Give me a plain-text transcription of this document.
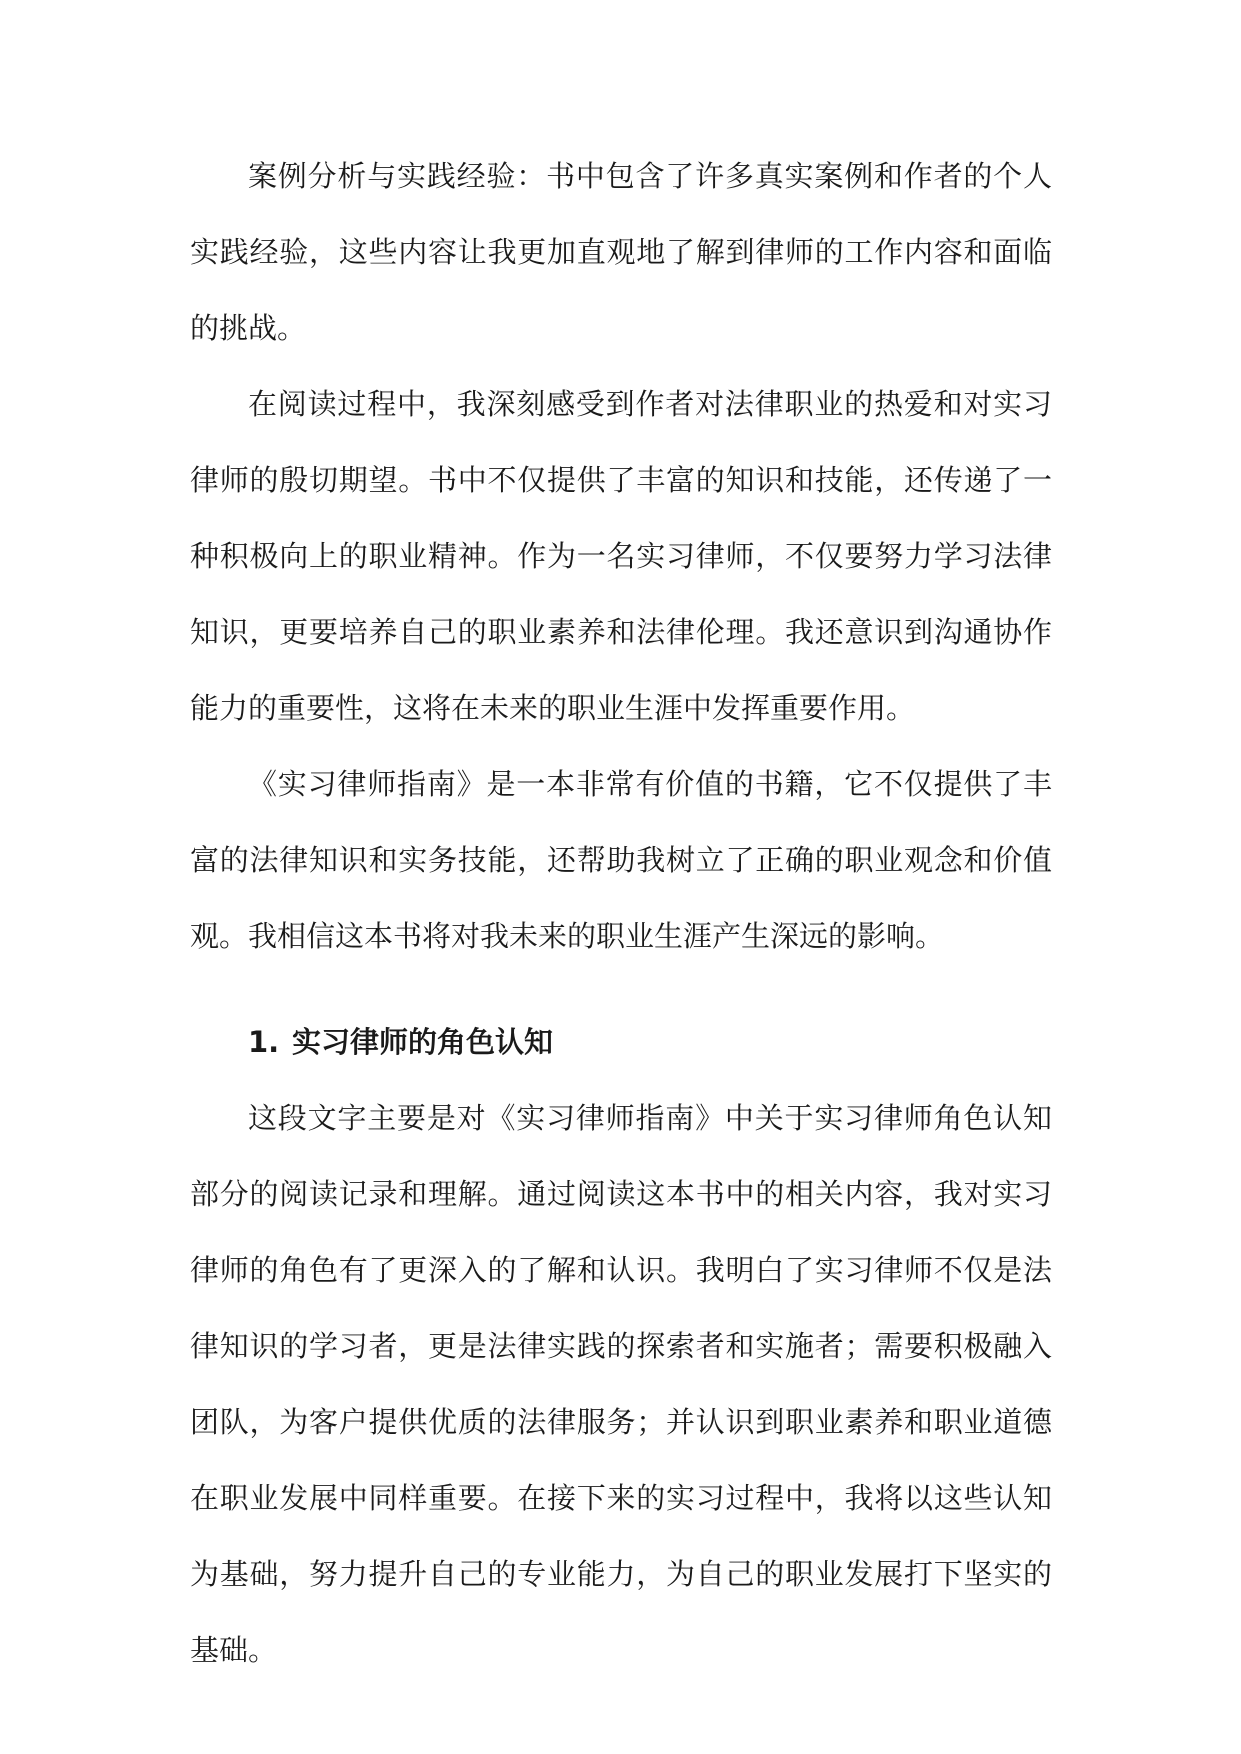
案例分析与实践经验：书中包含了许多真实案例和作者的个人实践经验，这些内容让我更加直观地了解到律师的工作内容和面临的挑战。

在阅读过程中，我深刻感受到作者对法律职业的热爱和对实习律师的殷切期望。书中不仅提供了丰富的知识和技能，还传递了一种积极向上的职业精神。作为一名实习律师，不仅要努力学习法律知识，更要培养自己的职业素养和法律伦理。我还意识到沟通协作能力的重要性，这将在未来的职业生涯中发挥重要作用。

《实习律师指南》是一本非常有价值的书籍，它不仅提供了丰富的法律知识和实务技能，还帮助我树立了正确的职业观念和价值观。我相信这本书将对我未来的职业生涯产生深远的影响。

1. 实习律师的角色认知

这段文字主要是对《实习律师指南》中关于实习律师角色认知部分的阅读记录和理解。通过阅读这本书中的相关内容，我对实习律师的角色有了更深入的了解和认识。我明白了实习律师不仅是法律知识的学习者，更是法律实践的探索者和实施者；需要积极融入团队，为客户提供优质的法律服务；并认识到职业素养和职业道德在职业发展中同样重要。在接下来的实习过程中，我将以这些认知为基础，努力提升自己的专业能力，为自己的职业发展打下坚实的基础。
